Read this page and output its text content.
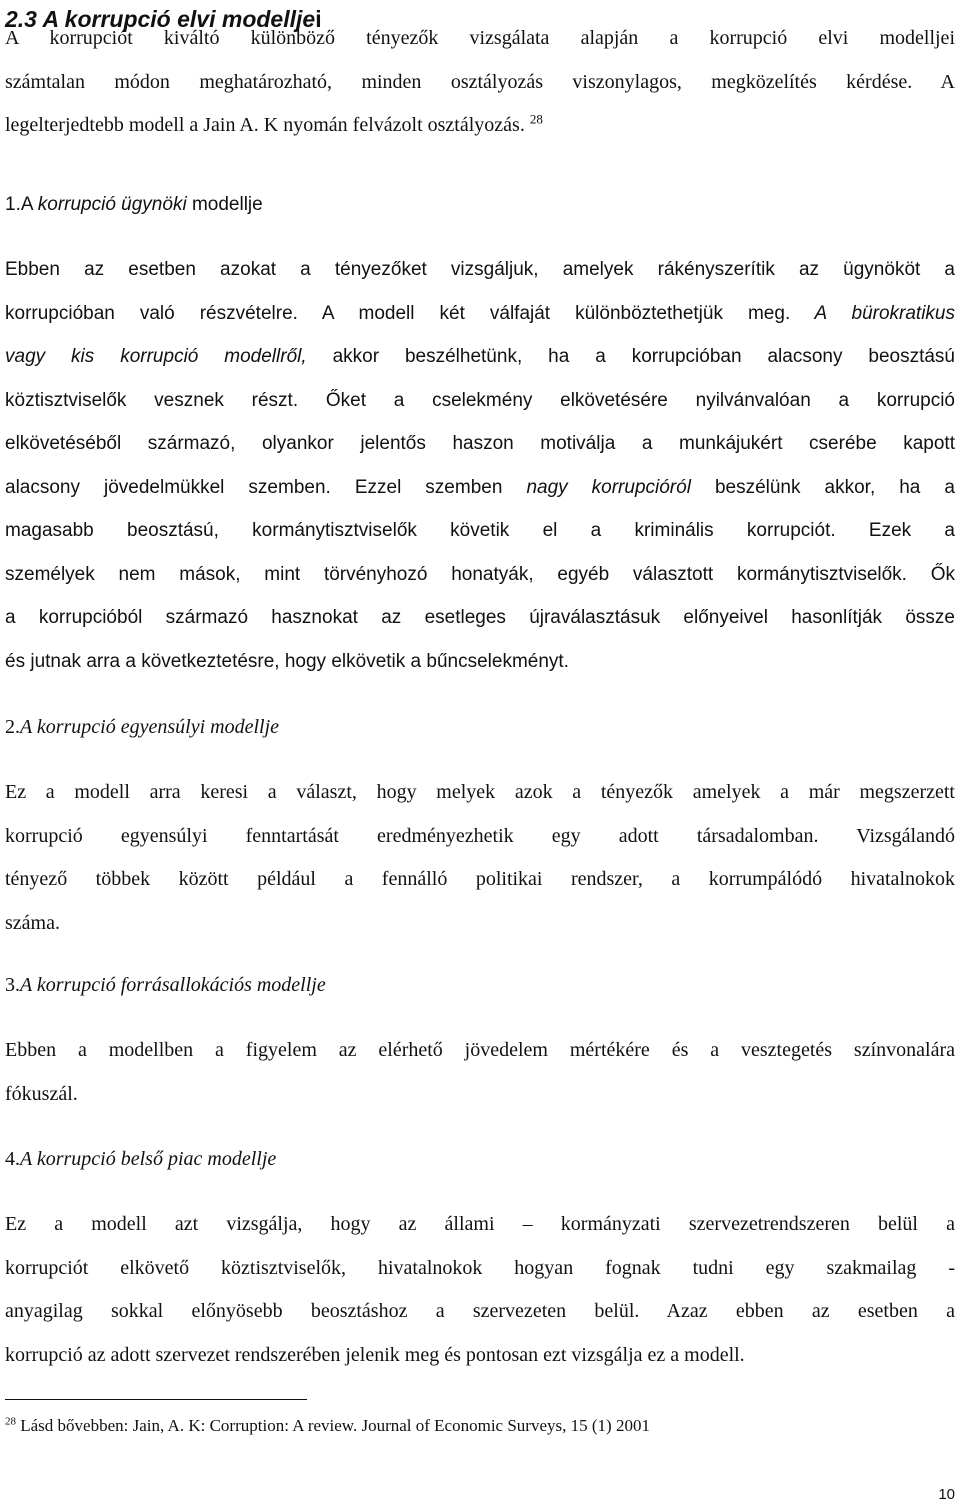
2.3 A korrupció elvi modelljei

A korrupciót kiváltó különböző tényezők vizsgálata alapján a korrupció elvi modelljei
számtalan módon meghatározható, minden osztályozás viszonylagos, megközelítés kérdése. A
legelterjedtebb modell a Jain A. K nyomán felvázolt osztályozás. $^{28}$

1.A korrupció ügynöki modellje

Ebben az esetben azokat a tényezőket vizsgáljuk, amelyek rákényszerítik az ügynököt a
korrupcióban való részvételre. A modell két válfaját különböztethetjük meg. A bürokratikus
vagy kis korrupció modellről, akkor beszélhetünk, ha a korrupcióban alacsony beosztású
köztisztviselők vesznek részt. Őket a cselekmény elkövetésére nyilvánvalóan a korrupció
elkövetéséből származó, olyankor jelentős haszon motiválja a munkájukért cserébe kapott
alacsony jövedelmükkel szemben. Ezzel szemben nagy korrupcióról beszélünk akkor, ha a
magasabb beosztású, kormánytisztviselők követik el a kriminális korrupciót. Ezek a
személyek nem mások, mint törvényhozó honatyák, egyéb választott kormánytisztviselők. Ők
a korrupcióból származó hasznokat az esetleges újraválasztásuk előnyeivel hasonlítják össze
és jutnak arra a következtetésre, hogy elkövetik a bűncselekményt.

2.A korrupció egyensúlyi modellje

Ez a modell arra keresi a választ, hogy melyek azok a tényezők amelyek a már megszerzett
korrupció egyensúlyi fenntartását eredményezhetik egy adott társadalomban. Vizsgálandó
tényező többek között például a fennálló politikai rendszer, a korrumpálódó hivatalnokok
száma.

3.A korrupció forrásallokációs modellje

Ebben a modellben a figyelem az elérhető jövedelem mértékére és a vesztegetés színvonalára
fókuszál.

4.A korrupció belső piac modellje

Ez a modell azt vizsgálja, hogy az állami – kormányzati szervezetrendszeren belül a
korrupciót elkövető köztisztviselők, hivatalnokok hogyan fognak tudni egy szakmailag -
anyagilag sokkal előnyösebb beosztáshoz a szervezeten belül. Azaz ebben az esetben a
korrupció az adott szervezet rendszerében jelenik meg és pontosan ezt vizsgálja ez a modell.

$^{28}$ Lásd bővebben: Jain, A. K: Corruption: A review. Journal of Economic Surveys, 15 (1) 2001

10
